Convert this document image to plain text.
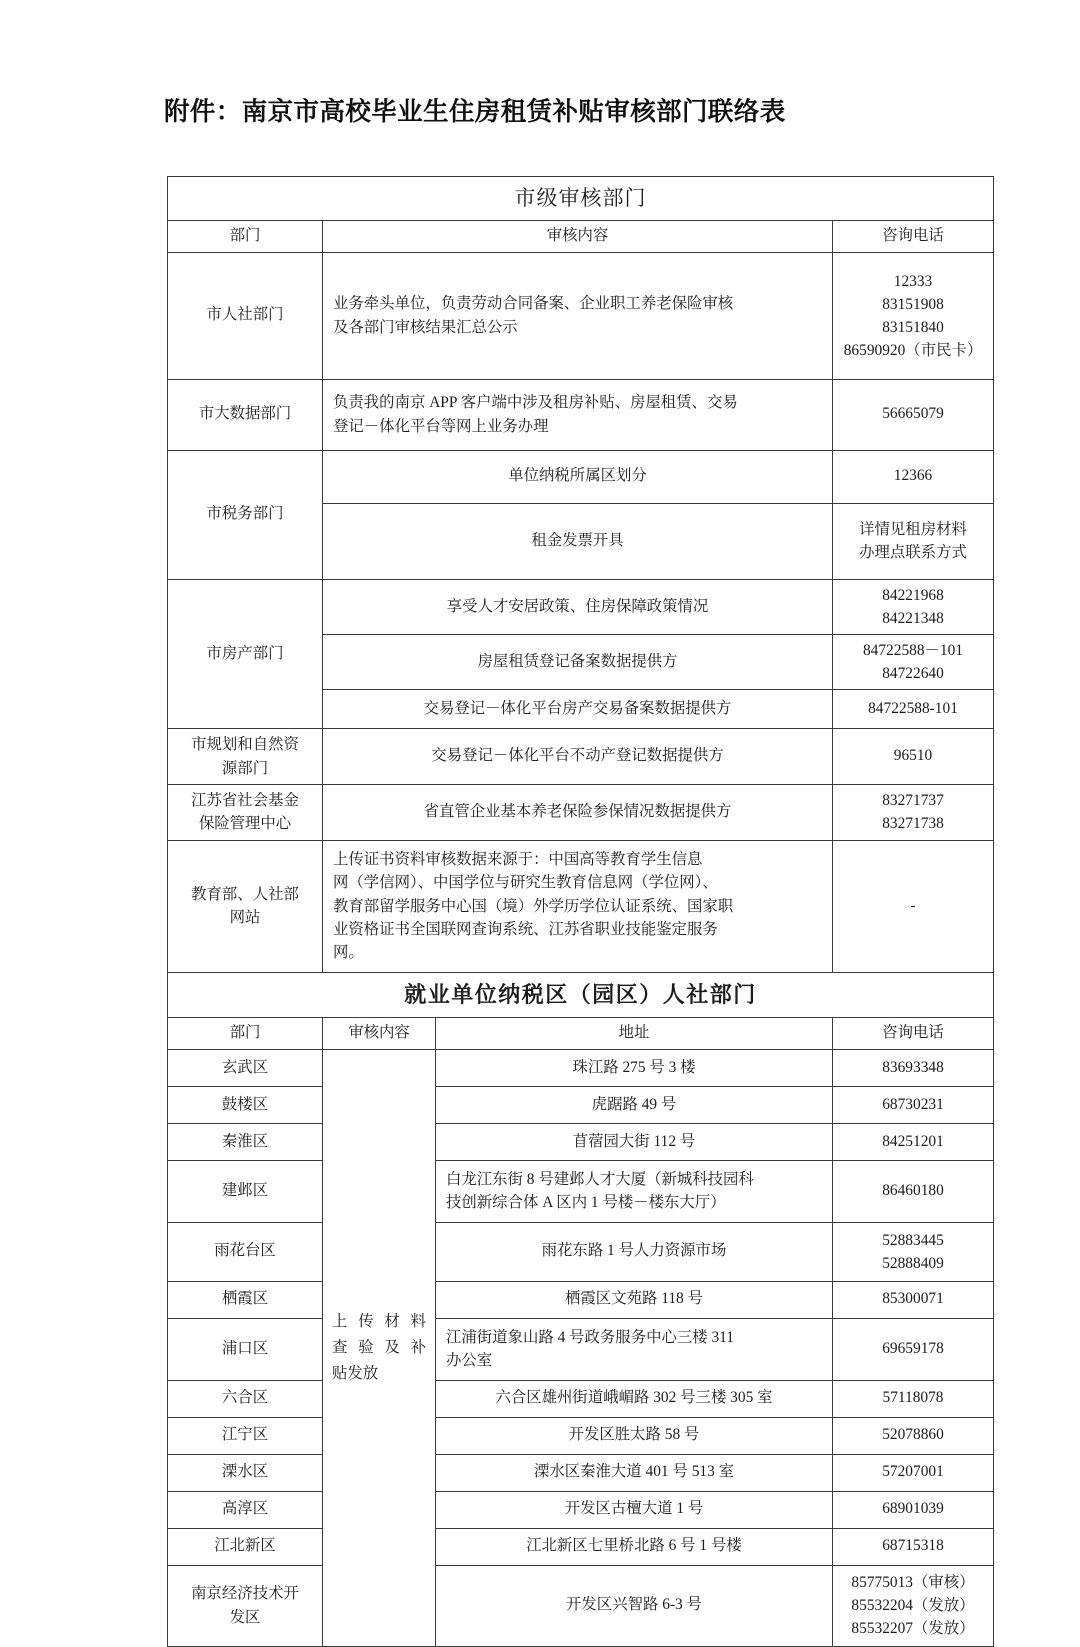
附件：南京市高校毕业生住房租赁补贴审核部门联络表
市级审核部门			
部门	审核内容		咨询电话
市人社部门	业务牵头单位，负责劳动合同备案、企业职工养老保险审核
及各部门审核结果汇总公示		12333
83151908
83151840
86590920（市民卡）

市大数据部门	负责我的南京 APP 客户端中涉及租房补贴、房屋租赁、交易
登记－体化平台等网上业务办理		56665079
市税务部门	单位纳税所属区划分		12366
	租金发票开具		详情见租房材料
办理点联系方式

市房产部门	享受人才安居政策、住房保障政策情况		84221968
84221348

	房屋租赁登记备案数据提供方		84722588－101
84722640

	交易登记－体化平台房产交易备案数据提供方		84722588-101

市规划和自然资
源部门	交易登记－体化平台不动产登记数据提供方		96510

江苏省社会基金
保险管理中心	省直管企业基本养老保险参保情况数据提供方		83271737
83271738

教育部、人社部
网站	上传证书资料审核数据来源于：中国高等教育学生信息
网（学信网）、中国学位与研究生教育信息网（学位网）、
教育部留学服务中心国（境）外学历学位认证系统、国家职
业资格证书全国联网查询系统、江苏省职业技能鉴定服务
网。		-
就业单位纳税区（园区）人社部门			
部门	审核内容	地址	咨询电话
玄武区	上传材料
查验及补
贴发放	珠江路 275 号 3 楼	83693348
鼓楼区		虎踞路 49 号	68730231
秦淮区		苜蓿园大街 112 号	84251201
建邺区		白龙江东街 8 号建邺人才大厦（新城科技园科
技创新综合体 A 区内 1 号楼－楼东大厅）	86460180
雨花台区		雨花东路 1 号人力资源市场	52883445
52888409

栖霞区		栖霞区文苑路 118 号	85300071
浦口区		江浦街道象山路 4 号政务服务中心三楼 311
办公室	69659178
六合区		六合区雄州街道峨嵋路 302 号三楼 305 室	57118078
江宁区		开发区胜太路 58 号	52078860
溧水区		溧水区秦淮大道 401 号 513 室	57207001
高淳区		开发区古檀大道 1 号	68901039
江北新区		江北新区七里桥北路 6 号 1 号楼	68715318

南京经济技术开
发区		开发区兴智路 6-3 号	85775013（审核）
85532204（发放）
85532207（发放）
